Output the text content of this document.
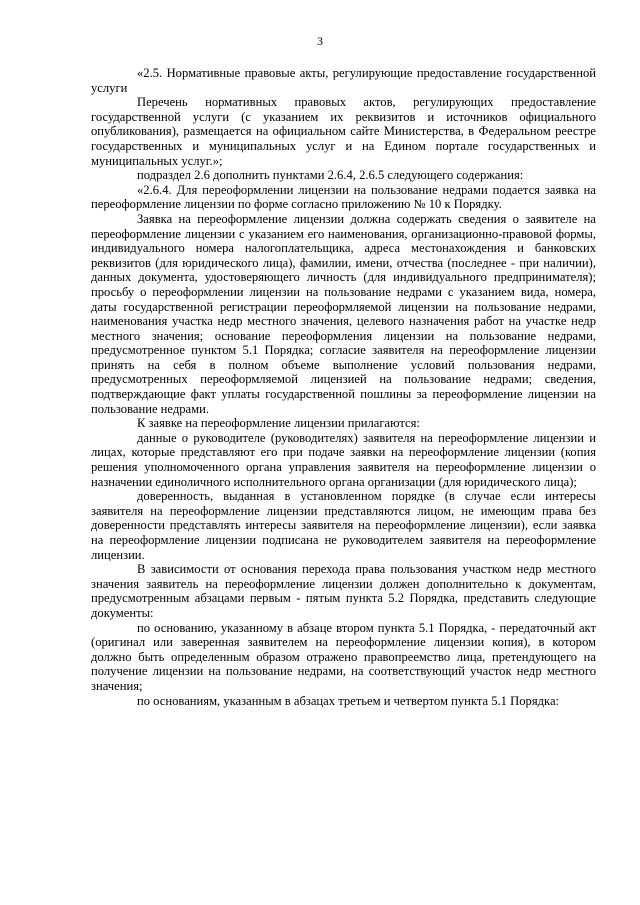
3

«2.5. Нормативные правовые акты, регулирующие предоставление государственной услуги

Перечень нормативных правовых актов, регулирующих предоставление государственной услуги (с указанием их реквизитов и источников официального опубликования), размещается на официальном сайте Министерства, в Федеральном реестре государственных и муниципальных услуг и на Едином портале государственных и муниципальных услуг.»;

подраздел 2.6 дополнить пунктами 2.6.4, 2.6.5 следующего содержания:

«2.6.4. Для переоформлении лицензии на пользование недрами подается заявка на переоформление лицензии по форме согласно приложению № 10 к Порядку.

Заявка на переоформление лицензии должна содержать сведения о заявителе на переоформление лицензии с указанием его наименования, организационно-правовой формы, индивидуального номера налогоплательщика, адреса местонахождения и банковских реквизитов (для юридического лица), фамилии, имени, отчества (последнее - при наличии), данных документа, удостоверяющего личность (для индивидуального предпринимателя); просьбу о переоформлении лицензии на пользование недрами с указанием вида, номера, даты государственной регистрации переоформляемой лицензии на пользование недрами, наименования участка недр местного значения, целевого назначения работ на участке недр местного значения; основание переоформления лицензии на пользование недрами, предусмотренное пунктом 5.1 Порядка; согласие заявителя на переоформление лицензии принять на себя в полном объеме выполнение условий пользования недрами, предусмотренных переоформляемой лицензией на пользование недрами; сведения, подтверждающие факт уплаты государственной пошлины за переоформление лицензии на пользование недрами.

К заявке на переоформление лицензии прилагаются:

данные о руководителе (руководителях) заявителя на переоформление лицензии и лицах, которые представляют его при подаче заявки на переоформление лицензии (копия решения уполномоченного органа управления заявителя на переоформление лицензии о назначении единоличного исполнительного органа организации (для юридического лица);

доверенность, выданная в установленном порядке (в случае если интересы заявителя на переоформление лицензии представляются лицом, не имеющим права без доверенности представлять интересы заявителя на переоформление лицензии), если заявка на переоформление лицензии подписана не руководителем заявителя на переоформление лицензии.

В зависимости от основания перехода права пользования участком недр местного значения заявитель на переоформление лицензии должен дополнительно к документам, предусмотренным абзацами первым - пятым пункта 5.2 Порядка, представить следующие документы:

по основанию, указанному в абзаце втором пункта 5.1 Порядка, - передаточный акт (оригинал или заверенная заявителем на переоформление лицензии копия), в котором должно быть определенным образом отражено правопреемство лица, претендующего на получение лицензии на пользование недрами, на соответствующий участок недр местного значения;

по основаниям, указанным в абзацах третьем и четвертом пункта 5.1 Порядка:
